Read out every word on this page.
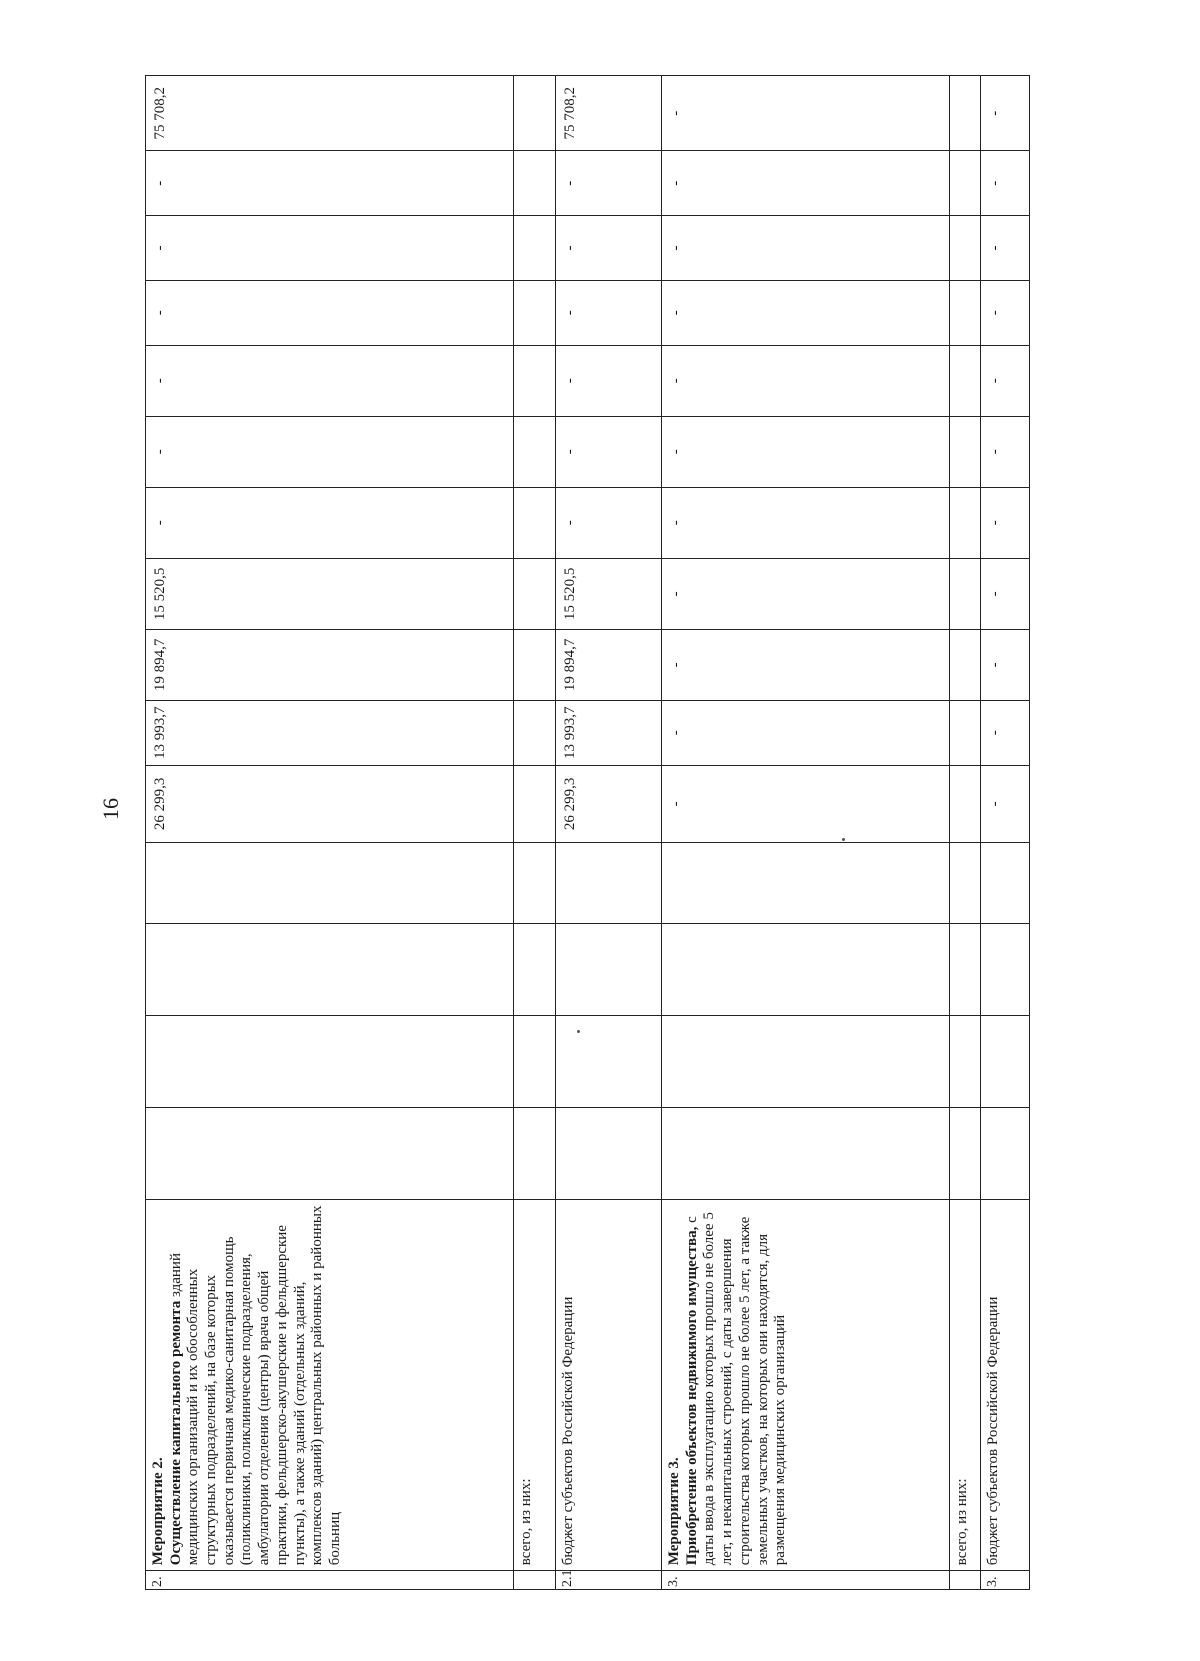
16
2.	Мероприятие 2. Осуществление капитального ремонта зданий медицинских организаций и их обособленных структурных подразделений, на базе которых оказывается первичная медико-санитарная помощь (поликлиники, поликлинические подразделения, амбулатории отделения (центры) врача общей практики, фельдшерско-акушерские и фельдшерские пункты), а также зданий (отдельных зданий, комплексов зданий) центральных районных и районных больниц					26 299,3	13 993,7	19 894,7	15 520,5	-	-	-	-	-	-	75 708,2
	всего, из них:															
2.1	бюджет субъектов Российской Федерации					26 299,3	13 993,7	19 894,7	15 520,5	-	-	-	-	-	-	75 708,2
3.	Мероприятие 3. Приобретение объектов недвижимого имущества, с даты ввода в эксплуатацию которых прошло не более 5 лет, и некапитальных строений, с даты завершения строительства которых прошло не более 5 лет, а также земельных участков, на которых они находятся, для размещения медицинских организаций					-	-	-	-	-	-	-	-	-	-	-
	всего, из них:															
3.	бюджет субъектов Российской Федерации					-	-	-	-	-	-	-	-	-	-	-
